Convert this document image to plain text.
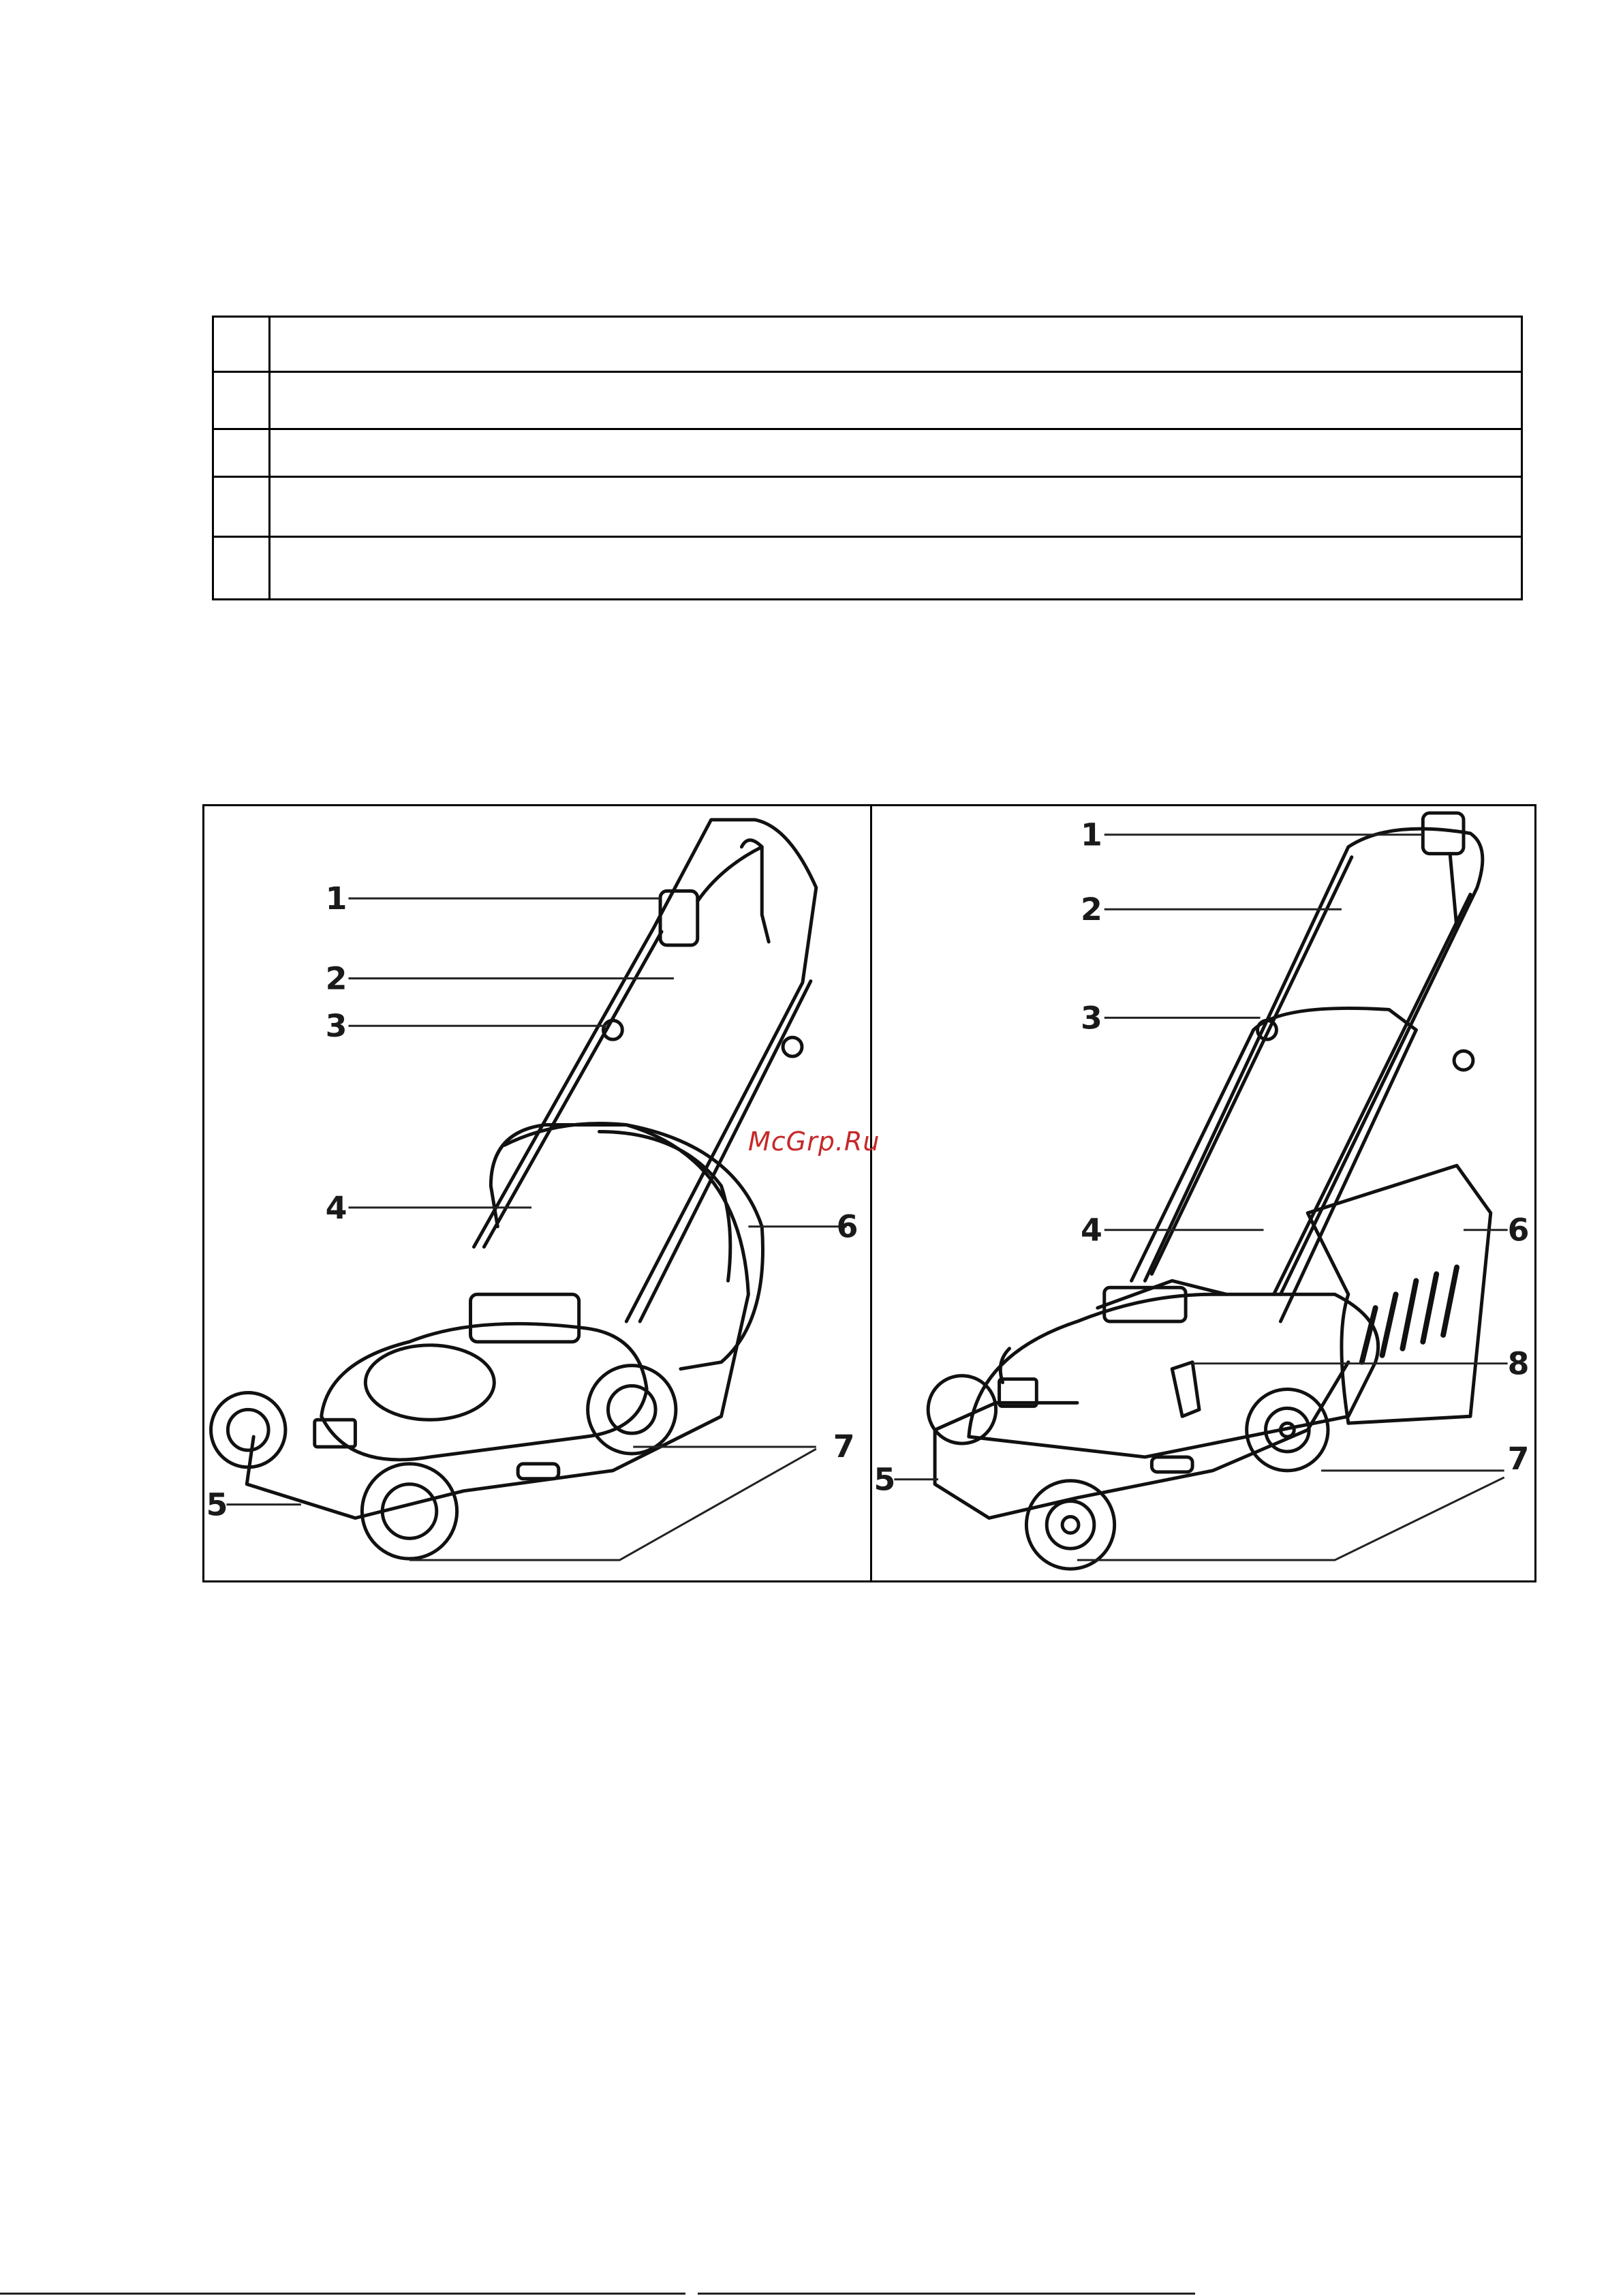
1
2
3
4
5
6
7
1
2
3
4
5
6
7
8
McGrp.Ru
